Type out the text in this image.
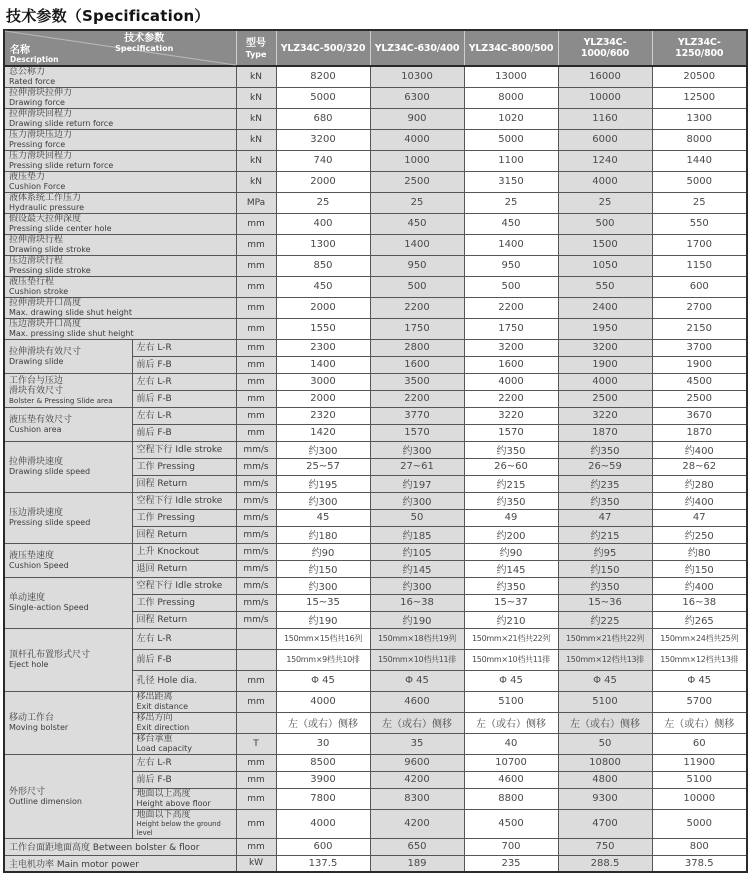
技术参数（Specification）
技术参数
Specification
名称
Description

型号
Type
	YLZ34C-500/320	YLZ34C-630/400	YLZ34C-800/500	YLZ34C-1000/600	YLZ34C-1250/800

总公称力
Rated force		kN	8200	10300	13000	16000	20500

拉伸滑块拉伸力
Drawing force		kN	5000	6300	8000	10000	12500

拉伸滑块回程力
Drawing slide return force		kN	680	900	1020	1160	1300

压力滑块压边力
Pressing force		kN	3200	4000	5000	6000	8000

压力滑块回程力
Pressing slide return force		kN	740	1000	1100	1240	1440

液压垫力
Cushion Force		kN	2000	2500	3150	4000	5000

液体系统工作压力
Hydraulic pressure		MPa	25	25	25	25	25

假设最大拉伸深度
Pressing slide center hole		mm	400	450	450	500	550

拉伸滑块行程
Drawing slide stroke		mm	1300	1400	1400	1500	1700

压边滑块行程
Pressing slide stroke		mm	850	950	950	1050	1150

液压垫行程
Cushion stroke		mm	450	500	500	550	600

拉伸滑块开口高度
Max. drawing slide shut height		mm	2000	2200	2200	2400	2700

压边滑块开口高度
Max. pressing slide shut height		mm	1550	1750	1750	1950	2150

拉伸滑块有效尺寸
Drawing slide	左右 L-R	mm	2300	2800	3200	3200	3700

	前后 F-B	mm	1400	1600	1600	1900	1900

工作台与压边
滑块有效尺寸
Bolster & Pressing Slide area	左右 L-R	mm	3000	3500	4000	4000	4500

	前后 F-B	mm	2000	2200	2200	2500	2500

液压垫有效尺寸
Cushion area	左右 L-R	mm	2320	3770	3220	3220	3670

	前后 F-B	mm	1420	1570	1570	1870	1870

拉伸滑块速度
Drawing slide speed	空程下行 Idle stroke	mm/s	约300	约300	约350	约350	约400

	工作 Pressing	mm/s	25~57	27~61	26~60	26~59	28~62

	回程 Return	mm/s	约195	约197	约215	约235	约280

压边滑块速度
Pressing slide speed	空程下行 Idle stroke	mm/s	约300	约300	约350	约350	约400

	工作 Pressing	mm/s	45	50	49	47	47

	回程 Return	mm/s	约180	约185	约200	约215	约250

液压垫速度
Cushion Speed	上升 Knockout	mm/s	约90	约105	约90	约95	约80

	退回 Return	mm/s	约150	约145	约145	约150	约150

单动速度
Single-action Speed	空程下行 Idle stroke	mm/s	约300	约300	约350	约350	约400

	工作 Pressing	mm/s	15~35	16~38	15~37	15~36	16~38

	回程 Return	mm/s	约190	约190	约210	约225	约265

顶杆孔布置形式尺寸
Eject hole	左右 L-R		150mm×15档共16列	150mm×18档共19列	150mm×21档共22列	150mm×21档共22列	150mm×24档共25列

	前后 F-B		150mm×9档共10排	150mm×10档共11排	150mm×10档共11排	150mm×12档共13排	150mm×12档共13排

	孔径 Hole dia.	mm	Φ 45	Φ 45	Φ 45	Φ 45	Φ 45

移动工作台
Moving bolster

移出距离
Exit distance	mm	4000	4600	5100	5100	5700

	移出方向
Exit direction		左（或右）侧移	左（或右）侧移	左（或右）侧移	左（或右）侧移	左（或右）侧移

	移台承重
Load capacity	T	30	35	40	50	60

外形尺寸
Outline dimension	左右 L-R	mm	8500	9600	10700	10800	11900

	前后 F-B	mm	3900	4200	4600	4800	5100

	地面以上高度
Height above floor	mm	7800	8300	8800	9300	10000

	地面以下高度
Height below the ground level	mm	4000	4200	4500	4700	5000
工作台面距地面高度 Between bolster & floor		mm	600	650	700	750	800
主电机功率 Main motor power		kW	137.5	189	235	288.5	378.5
